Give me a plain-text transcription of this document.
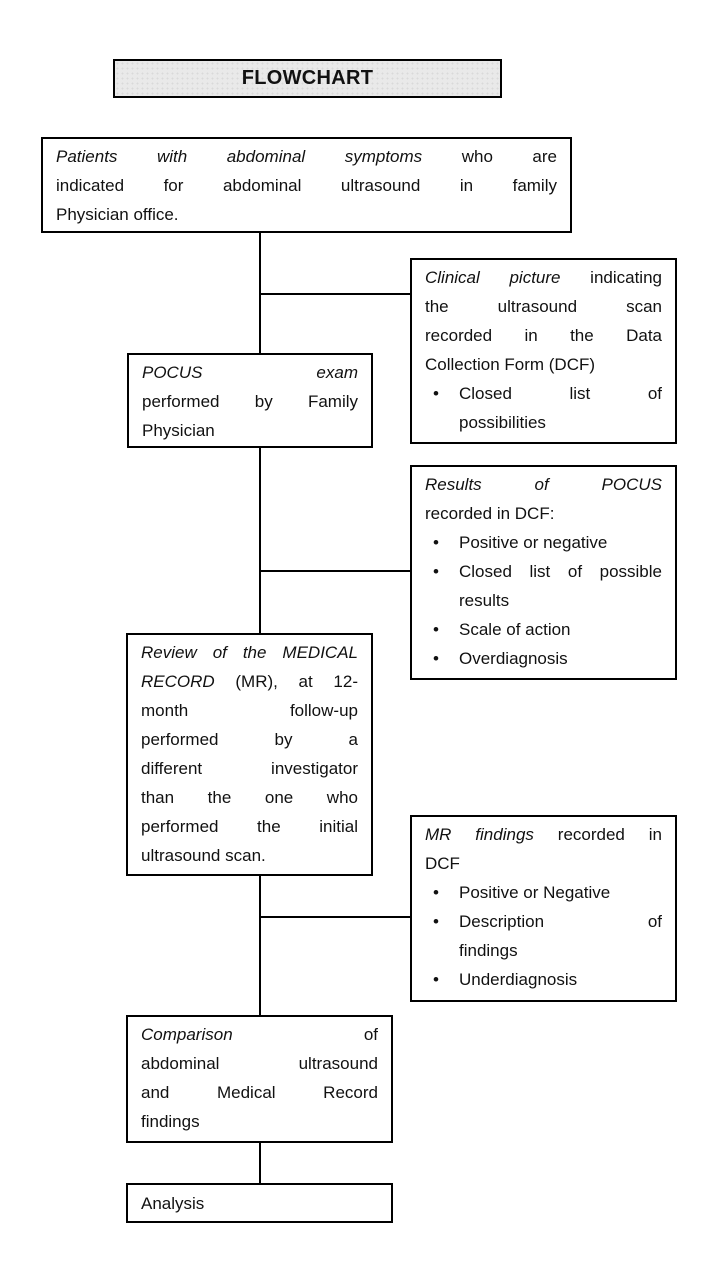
FLOWCHART
Patients with abdominal symptoms who are
indicated for abdominal ultrasound in family
Physician office.
Clinical picture indicating
the ultrasound scan
recorded in the Data
Collection Form (DCF)
• Closed list of
possibilities
POCUS exam
performed by Family
Physician
Results of POCUS
recorded in DCF:
• Positive or negative
• Closed list of possible
results
• Scale of action
• Overdiagnosis
Review of the MEDICAL
RECORD (MR), at 12-
month follow-up
performed by a
different investigator
than the one who
performed the initial
ultrasound scan.
MR findings recorded in
DCF
• Positive or Negative
• Description of
findings
• Underdiagnosis
Comparison of
abdominal ultrasound
and Medical Record
findings
Analysis
